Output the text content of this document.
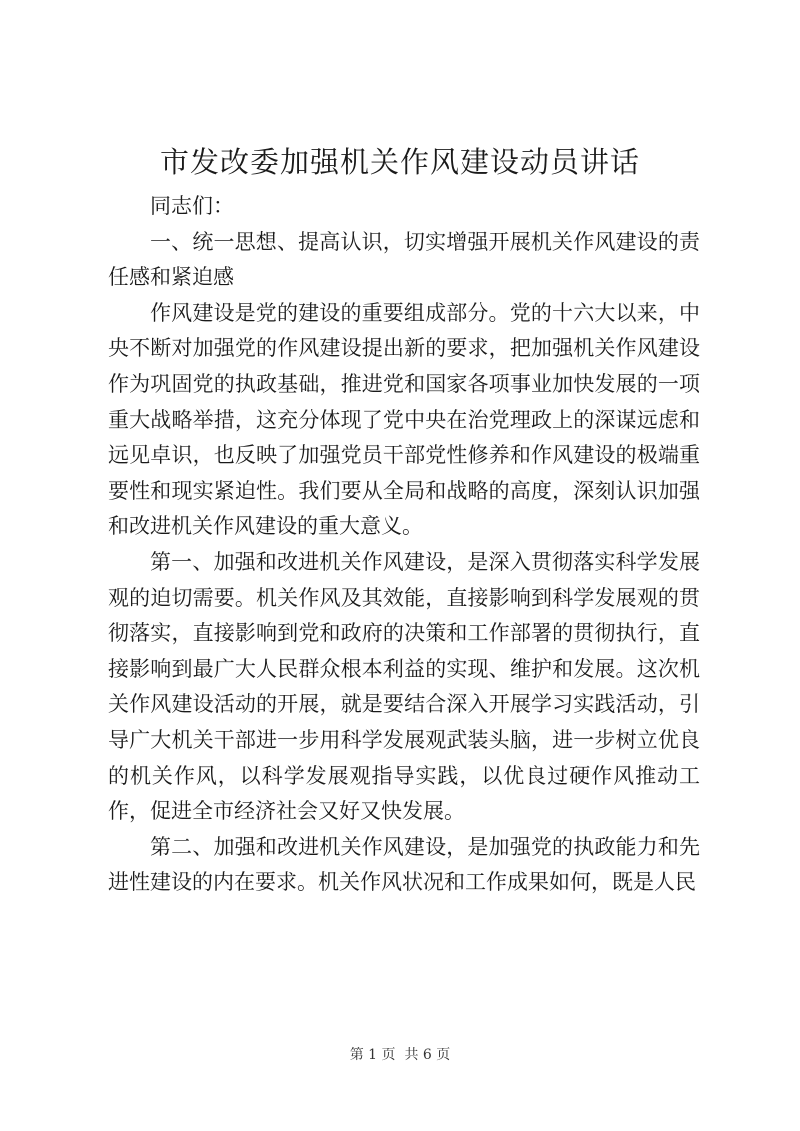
市发改委加强机关作风建设动员讲话

同志们：

一、统一思想、提高认识，切实增强开展机关作风建设的责任感和紧迫感

作风建设是党的建设的重要组成部分。党的十六大以来，中央不断对加强党的作风建设提出新的要求，把加强机关作风建设作为巩固党的执政基础，推进党和国家各项事业加快发展的一项重大战略举措，这充分体现了党中央在治党理政上的深谋远虑和远见卓识，也反映了加强党员干部党性修养和作风建设的极端重要性和现实紧迫性。我们要从全局和战略的高度，深刻认识加强和改进机关作风建设的重大意义。

第一、加强和改进机关作风建设，是深入贯彻落实科学发展观的迫切需要。机关作风及其效能，直接影响到科学发展观的贯彻落实，直接影响到党和政府的决策和工作部署的贯彻执行，直接影响到最广大人民群众根本利益的实现、维护和发展。这次机关作风建设活动的开展，就是要结合深入开展学习实践活动，引导广大机关干部进一步用科学发展观武装头脑，进一步树立优良的机关作风，以科学发展观指导实践，以优良过硬作风推动工作，促进全市经济社会又好又快发展。

第二、加强和改进机关作风建设，是加强党的执政能力和先进性建设的内在要求。机关作风状况和工作成果如何，既是人民

第 1 页  共 6 页
